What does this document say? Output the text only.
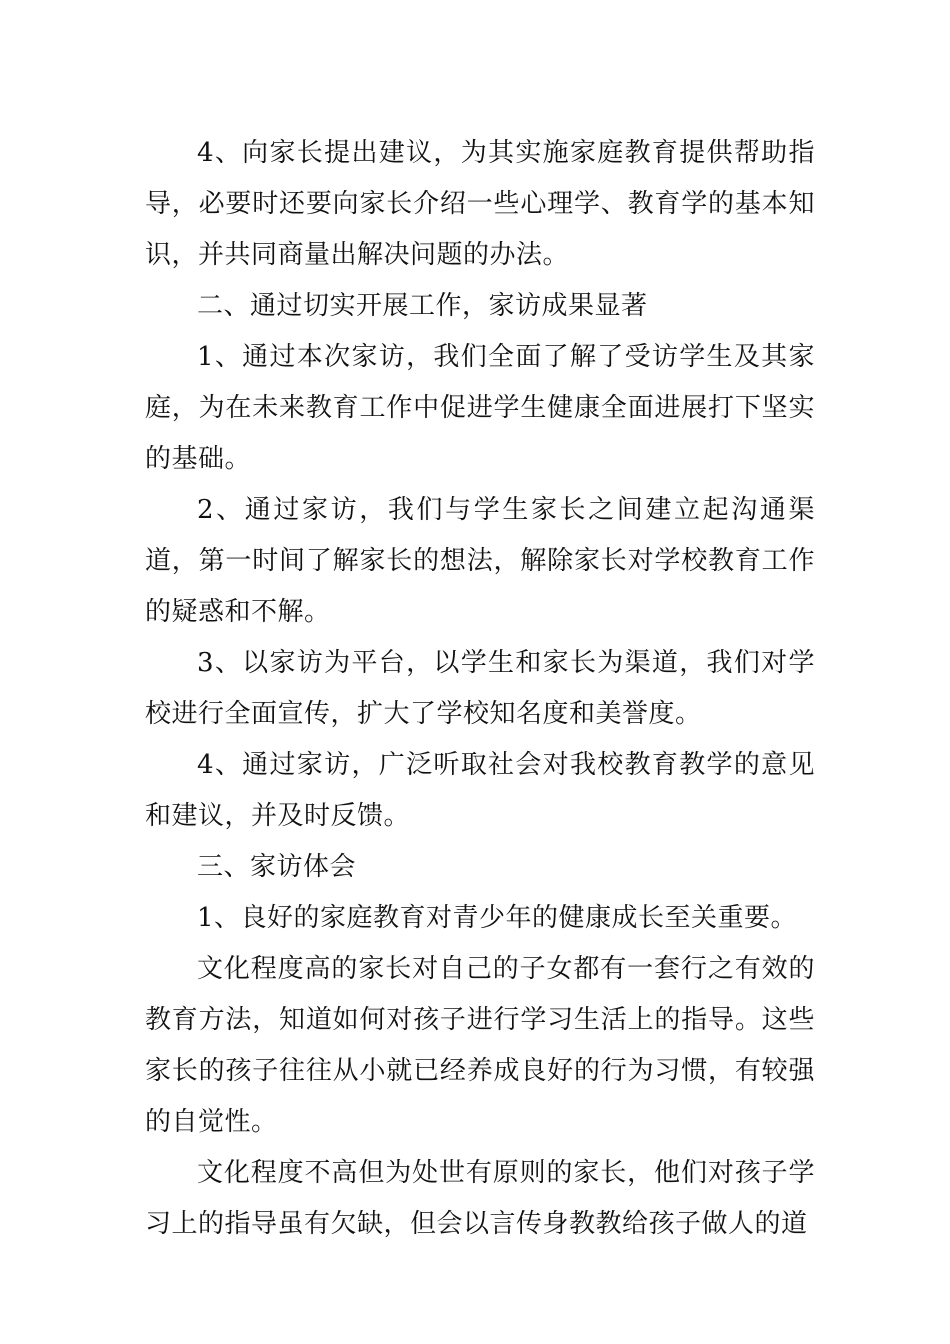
4、向家长提出建议，为其实施家庭教育提供帮助指导，必要时还要向家长介绍一些心理学、教育学的基本知识，并共同商量出解决问题的办法。

二、通过切实开展工作，家访成果显著

1、通过本次家访，我们全面了解了受访学生及其家庭，为在未来教育工作中促进学生健康全面进展打下坚实的基础。

2、通过家访，我们与学生家长之间建立起沟通渠道，第一时间了解家长的想法，解除家长对学校教育工作的疑惑和不解。

3、以家访为平台，以学生和家长为渠道，我们对学校进行全面宣传，扩大了学校知名度和美誉度。

4、通过家访，广泛听取社会对我校教育教学的意见和建议，并及时反馈。

三、家访体会

1、良好的家庭教育对青少年的健康成长至关重要。

文化程度高的家长对自己的子女都有一套行之有效的教育方法，知道如何对孩子进行学习生活上的指导。这些家长的孩子往往从小就已经养成良好的行为习惯，有较强的自觉性。

文化程度不高但为处世有原则的家长，他们对孩子学习上的指导虽有欠缺，但会以言传身教教给孩子做人的道
